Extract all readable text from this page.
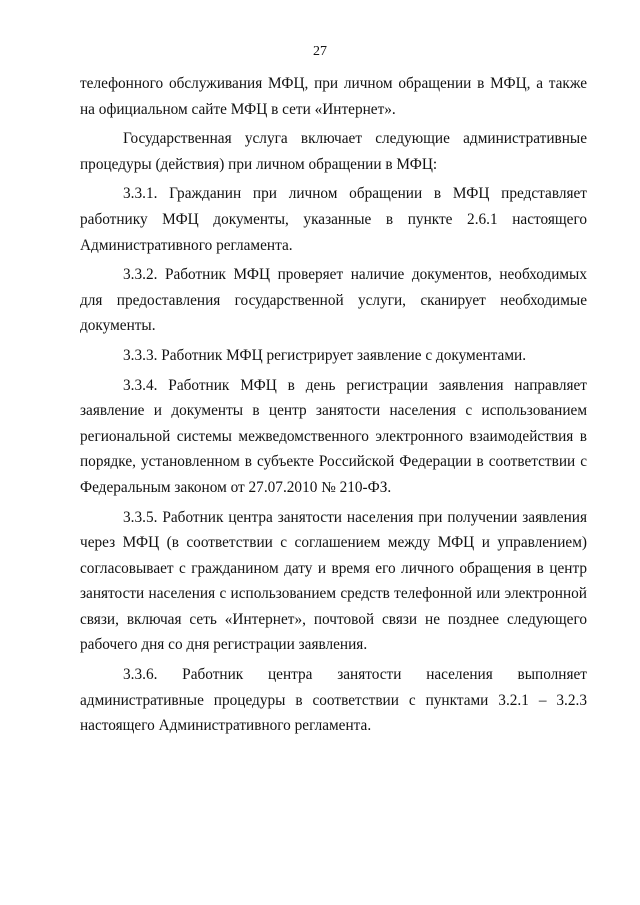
27

телефонного обслуживания МФЦ, при личном обращении в МФЦ, а также на официальном сайте МФЦ в сети «Интернет».

Государственная услуга включает следующие административные процедуры (действия) при личном обращении в МФЦ:

3.3.1. Гражданин при личном обращении в МФЦ представляет работнику МФЦ документы, указанные в пункте 2.6.1 настоящего Административного регламента.

3.3.2. Работник МФЦ проверяет наличие документов, необходимых для предоставления государственной услуги, сканирует необходимые документы.

3.3.3. Работник МФЦ регистрирует заявление с документами.

3.3.4. Работник МФЦ в день регистрации заявления направляет заявление и документы в центр занятости населения с использованием региональной системы межведомственного электронного взаимодействия в порядке, установленном в субъекте Российской Федерации в соответствии с Федеральным законом от 27.07.2010 № 210-ФЗ.

3.3.5. Работник центра занятости населения при получении заявления через МФЦ (в соответствии с соглашением между МФЦ и управлением) согласовывает с гражданином дату и время его личного обращения в центр занятости населения с использованием средств телефонной или электронной связи, включая сеть «Интернет», почтовой связи не позднее следующего рабочего дня со дня регистрации заявления.

3.3.6. Работник центра занятости населения выполняет административные процедуры в соответствии с пунктами 3.2.1 – 3.2.3 настоящего Административного регламента.
